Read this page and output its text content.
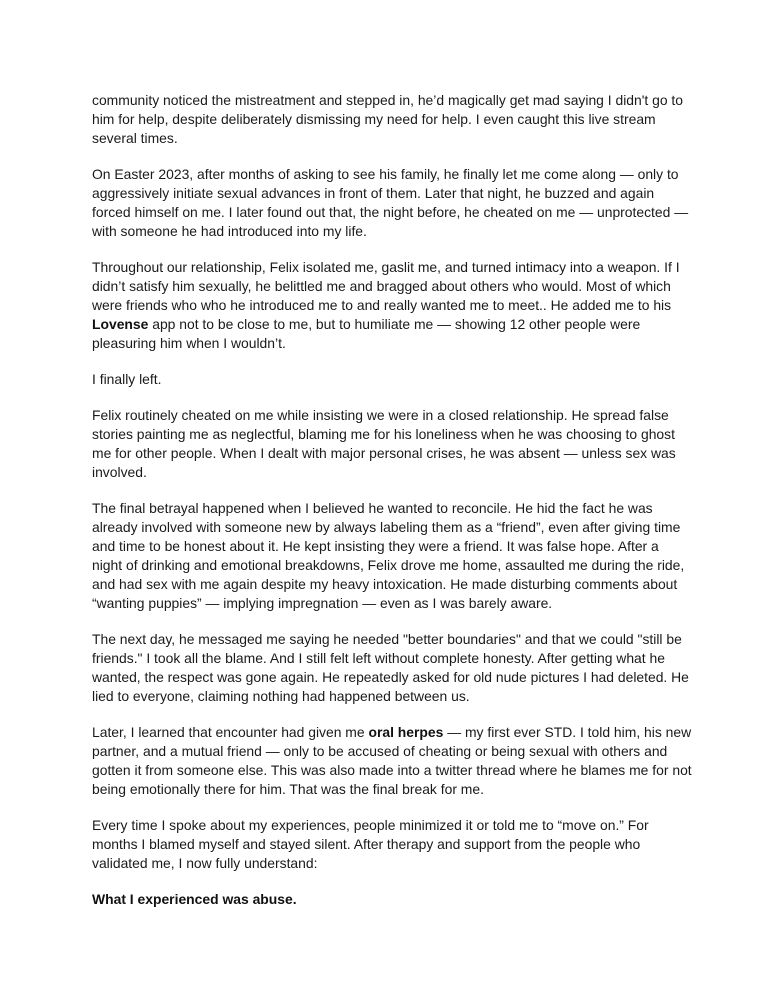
community noticed the mistreatment and stepped in, he’d magically get mad saying I didn't go to him for help, despite deliberately dismissing my need for help. I even caught this live stream several times.

On Easter 2023, after months of asking to see his family, he finally let me come along — only to aggressively initiate sexual advances in front of them. Later that night, he buzzed and again forced himself on me. I later found out that, the night before, he cheated on me — unprotected — with someone he had introduced into my life.

Throughout our relationship, Felix isolated me, gaslit me, and turned intimacy into a weapon. If I didn’t satisfy him sexually, he belittled me and bragged about others who would. Most of which were friends who who he introduced me to and really wanted me to meet.. He added me to his Lovense app not to be close to me, but to humiliate me — showing 12 other people were pleasuring him when I wouldn’t.

I finally left.

Felix routinely cheated on me while insisting we were in a closed relationship. He spread false stories painting me as neglectful, blaming me for his loneliness when he was choosing to ghost me for other people. When I dealt with major personal crises, he was absent — unless sex was involved.

The final betrayal happened when I believed he wanted to reconcile. He hid the fact he was already involved with someone new by always labeling them as a “friend”, even after giving time and time to be honest about it. He kept insisting they were a friend. It was false hope. After a night of drinking and emotional breakdowns, Felix drove me home, assaulted me during the ride, and had sex with me again despite my heavy intoxication. He made disturbing comments about “wanting puppies” — implying impregnation — even as I was barely aware.

The next day, he messaged me saying he needed "better boundaries" and that we could "still be friends." I took all the blame. And I still felt left without complete honesty. After getting what he wanted, the respect was gone again. He repeatedly asked for old nude pictures I had deleted. He lied to everyone, claiming nothing had happened between us.

Later, I learned that encounter had given me oral herpes — my first ever STD. I told him, his new partner, and a mutual friend — only to be accused of cheating or being sexual with others and gotten it from someone else. This was also made into a twitter thread where he blames me for not being emotionally there for him. That was the final break for me.

Every time I spoke about my experiences, people minimized it or told me to “move on.” For months I blamed myself and stayed silent. After therapy and support from the people who validated me, I now fully understand:

What I experienced was abuse.
